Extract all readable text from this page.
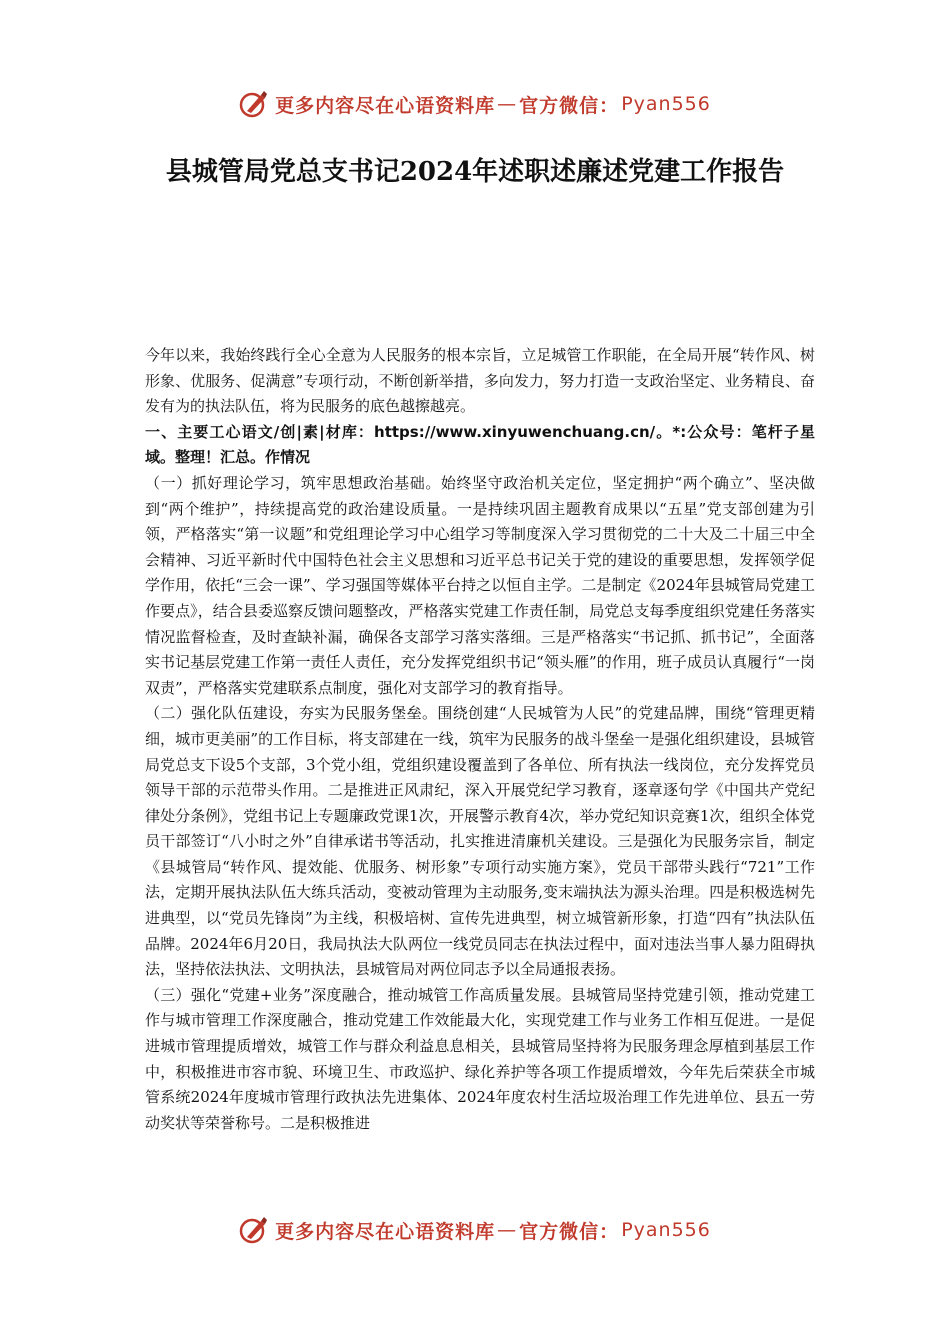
更多内容尽在心语资料库 — 官方微信： Pyan556
县城管局党总支书记2024年述职述廉述党建工作报告

今年以来，我始终践行全心全意为人民服务的根本宗旨，立足城管工作职能，在全局开展“转作风、树形象、优服务、促满意”专项行动，不断创新举措，多向发力，努力打造一支政治坚定、业务精良、奋发有为的执法队伍，将为民服务的底色越擦越亮。

一、主要工心语文/创|素|材库：https://www.xinyuwenchuang.cn/。*:公众号：笔杆子星域。整理！汇总。作情况

（一）抓好理论学习，筑牢思想政治基础。始终坚守政治机关定位，坚定拥护“两个确立”、坚决做到“两个维护”，持续提高党的政治建设质量。一是持续巩固主题教育成果以“五星”党支部创建为引领，严格落实“第一议题”和党组理论学习中心组学习等制度深入学习贯彻党的二十大及二十届三中全会精神、习近平新时代中国特色社会主义思想和习近平总书记关于党的建设的重要思想，发挥领学促学作用，依托“三会一课”、学习强国等媒体平台持之以恒自主学。二是制定《2024年县城管局党建工作要点》，结合县委巡察反馈问题整改，严格落实党建工作责任制，局党总支每季度组织党建任务落实情况监督检查，及时查缺补漏，确保各支部学习落实落细。三是严格落实“书记抓、抓书记”，全面落实书记基层党建工作第一责任人责任，充分发挥党组织书记“领头雁”的作用，班子成员认真履行“一岗双责”，严格落实党建联系点制度，强化对支部学习的教育指导。

（二）强化队伍建设，夯实为民服务堡垒。围绕创建“人民城管为人民”的党建品牌，围绕“管理更精细，城市更美丽”的工作目标，将支部建在一线，筑牢为民服务的战斗堡垒一是强化组织建设，县城管局党总支下设5个支部，3个党小组，党组织建设覆盖到了各单位、所有执法一线岗位，充分发挥党员领导干部的示范带头作用。二是推进正风肃纪，深入开展党纪学习教育，逐章逐句学《中国共产党纪律处分条例》，党组书记上专题廉政党课1次，开展警示教育4次，举办党纪知识竞赛1次，组织全体党员干部签订“八小时之外”自律承诺书等活动，扎实推进清廉机关建设。三是强化为民服务宗旨，制定《县城管局“转作风、提效能、优服务、树形象”专项行动实施方案》，党员干部带头践行“721”工作法，定期开展执法队伍大练兵活动，变被动管理为主动服务,变末端执法为源头治理。四是积极选树先进典型，以“党员先锋岗”为主线，积极培树、宣传先进典型，树立城管新形象，打造“四有”执法队伍品牌。2024年6月20日，我局执法大队两位一线党员同志在执法过程中，面对违法当事人暴力阻碍执法，坚持依法执法、文明执法，县城管局对两位同志予以全局通报表扬。

（三）强化“党建+业务”深度融合，推动城管工作高质量发展。县城管局坚持党建引领，推动党建工作与城市管理工作深度融合，推动党建工作效能最大化，实现党建工作与业务工作相互促进。一是促进城市管理提质增效，城管工作与群众利益息息相关，县城管局坚持将为民服务理念厚植到基层工作中，积极推进市容市貌、环境卫生、市政巡护、绿化养护等各项工作提质增效，今年先后荣获全市城管系统2024年度城市管理行政执法先进集体、2024年度农村生活垃圾治理工作先进单位、县五一劳动奖状等荣誉称号。二是积极推进

更多内容尽在心语资料库 — 官方微信： Pyan556
